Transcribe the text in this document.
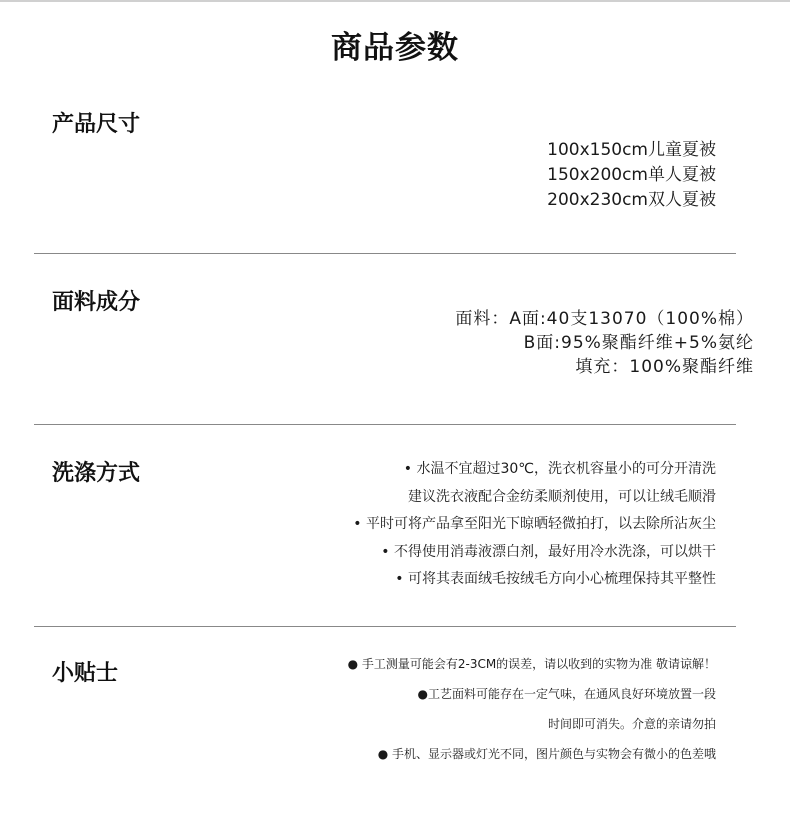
商品参数
产品尺寸

100x150cm儿童夏被

150x200cm单人夏被

200x230cm双人夏被

面料成分

面料：A面:40支13070（100%棉）

B面:95%聚酯纤维+5%氨纶

填充：100%聚酯纤维

洗涤方式	• 水温不宜超过30℃，洗衣机容量小的可分开清洗

建议洗衣液配合金纺柔顺剂使用，可以让绒毛顺滑

• 平时可将产品拿至阳光下晾晒轻微拍打，以去除所沾灰尘

• 不得使用消毒液漂白剂，最好用冷水洗涤，可以烘干

• 可将其表面绒毛按绒毛方向小心梳理保持其平整性

小贴士	● 手工测量可能会有2-3CM的误差，请以收到的实物为准 敬请谅解！

●工艺面料可能存在一定气味，在通风良好环境放置一段

时间即可消失。介意的亲请勿拍

● 手机、显示器或灯光不同，图片颜色与实物会有微小的色差哦
